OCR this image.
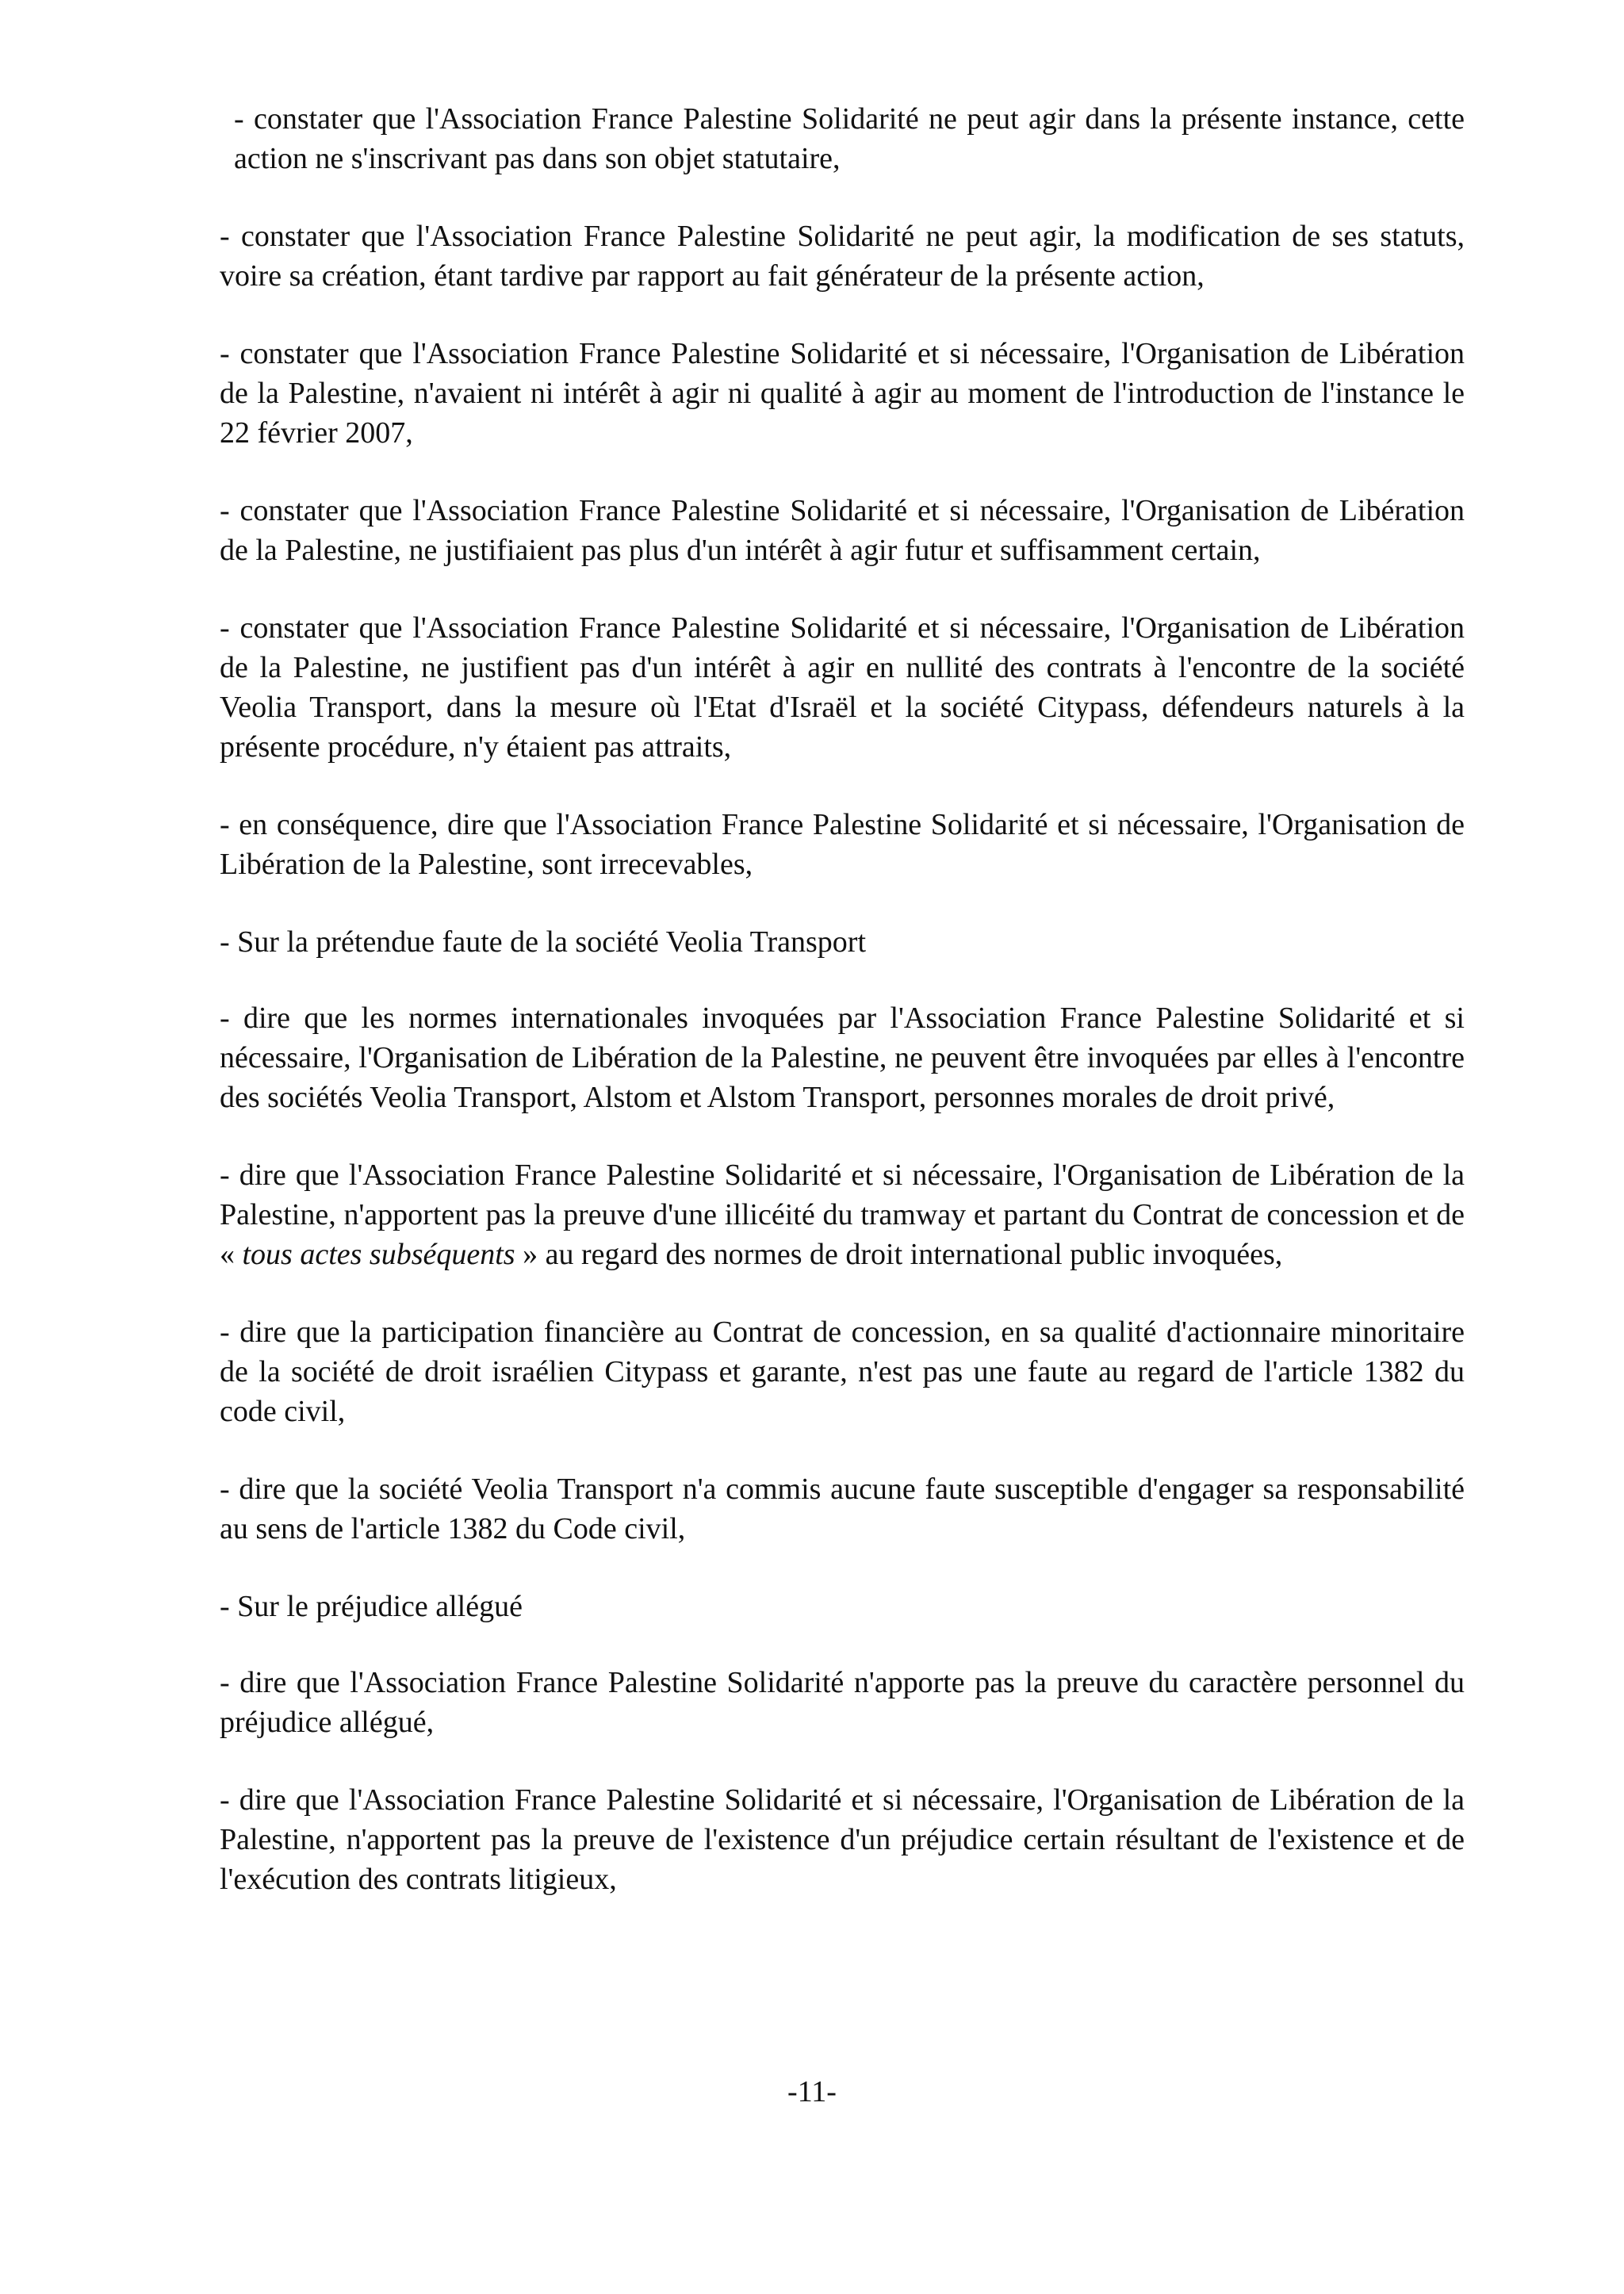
- constater que l'Association France Palestine Solidarité ne peut agir dans la présente instance, cette action ne s'inscrivant pas dans son objet statutaire,

- constater que l'Association France Palestine Solidarité ne peut agir, la modification de ses statuts, voire sa création, étant tardive par rapport au fait générateur de la présente action,

- constater que l'Association France Palestine Solidarité et si nécessaire, l'Organisation de Libération de la Palestine, n'avaient ni intérêt à agir ni qualité à agir au moment de l'introduction de l'instance le 22 février 2007,

- constater que l'Association France Palestine Solidarité et si nécessaire, l'Organisation de Libération de la Palestine, ne justifiaient pas plus d'un intérêt à agir futur et suffisamment certain,

- constater que l'Association France Palestine Solidarité et si nécessaire, l'Organisation de Libération de la Palestine, ne justifient pas d'un intérêt à agir en nullité des contrats à l'encontre de la société Veolia Transport, dans la mesure où l'Etat d'Israël et la société Citypass, défendeurs naturels à la présente procédure, n'y étaient pas attraits,

- en conséquence, dire que l'Association France Palestine Solidarité et si nécessaire, l'Organisation de Libération de la Palestine, sont irrecevables,

- Sur la prétendue faute de la société Veolia Transport

- dire que les normes internationales invoquées par l'Association France Palestine Solidarité et si nécessaire, l'Organisation de Libération de la Palestine, ne peuvent être invoquées par elles à l'encontre des sociétés Veolia Transport, Alstom et Alstom Transport, personnes morales de droit privé,

- dire que l'Association France Palestine Solidarité et si nécessaire, l'Organisation de Libération de la Palestine, n'apportent pas la preuve d'une illicéité du tramway et partant du Contrat de concession et de « tous actes subséquents » au regard des normes de droit international public invoquées,

- dire que la participation financière au Contrat de concession, en sa qualité d'actionnaire minoritaire de la société de droit israélien Citypass et garante, n'est pas une faute au regard de l'article 1382 du code civil,

- dire que la société Veolia Transport n'a commis aucune faute susceptible d'engager sa responsabilité au sens de l'article 1382 du Code civil,

- Sur le préjudice allégué

- dire que l'Association France Palestine Solidarité n'apporte pas la preuve du caractère personnel du préjudice allégué,

- dire que l'Association France Palestine Solidarité et si nécessaire, l'Organisation de Libération de la Palestine, n'apportent pas la preuve de l'existence d'un préjudice certain résultant de l'existence et de l'exécution des contrats litigieux,

-11-
